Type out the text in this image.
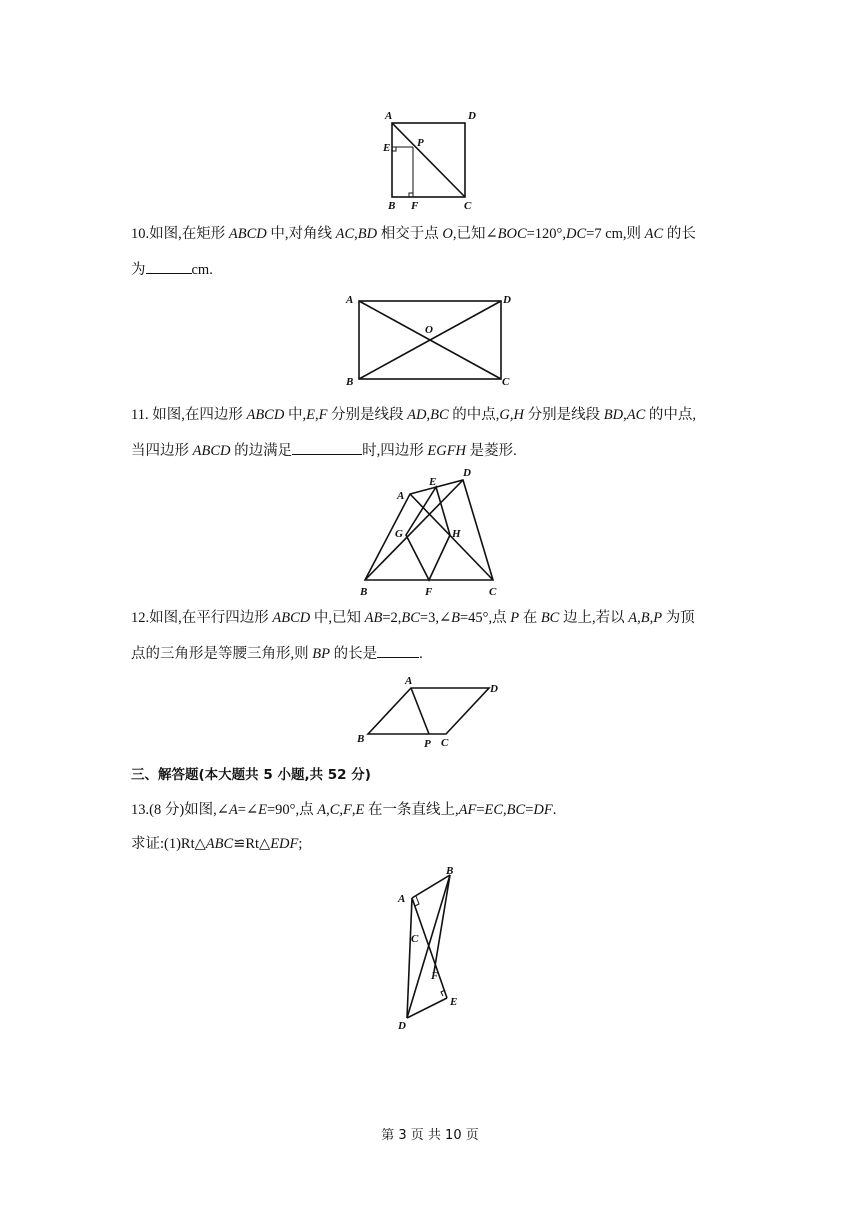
A	D
E P
B F	C
10.如图,在矩形 ABCD 中,对角线 AC,BD 相交于点 O,已知∠BOC=120°,DC=7 cm,则 AC 的长
为	cm.
A	D
O
B	C
11. 如图,在四边形 ABCD 中,E,F 分别是线段 AD,BC 的中点,G,H 分别是线段 BD,AC 的中点,
当四边形 ABCD 的边满足	时,四边形 EGFH 是菱形.
A
E
D
G	H
B	F	C
12.如图,在平行四边形 ABCD 中,已知 AB=2,BC=3,∠B=45°,点 P 在 BC 边上,若以 A,B,P 为顶
点的三角形是等腰三角形,则 BP 的长是	.
A
D
B	P C
三、解答题(本大题共 5 小题,共 52 分)
13.(8 分)如图,∠A=∠E=90°,点 A,C,F,E 在一条直线上,AF=EC,BC=DF.
求证:(1)Rt△ABC≌Rt△EDF;
A
B
C
F
E
D
第 3 页 共 10 页
